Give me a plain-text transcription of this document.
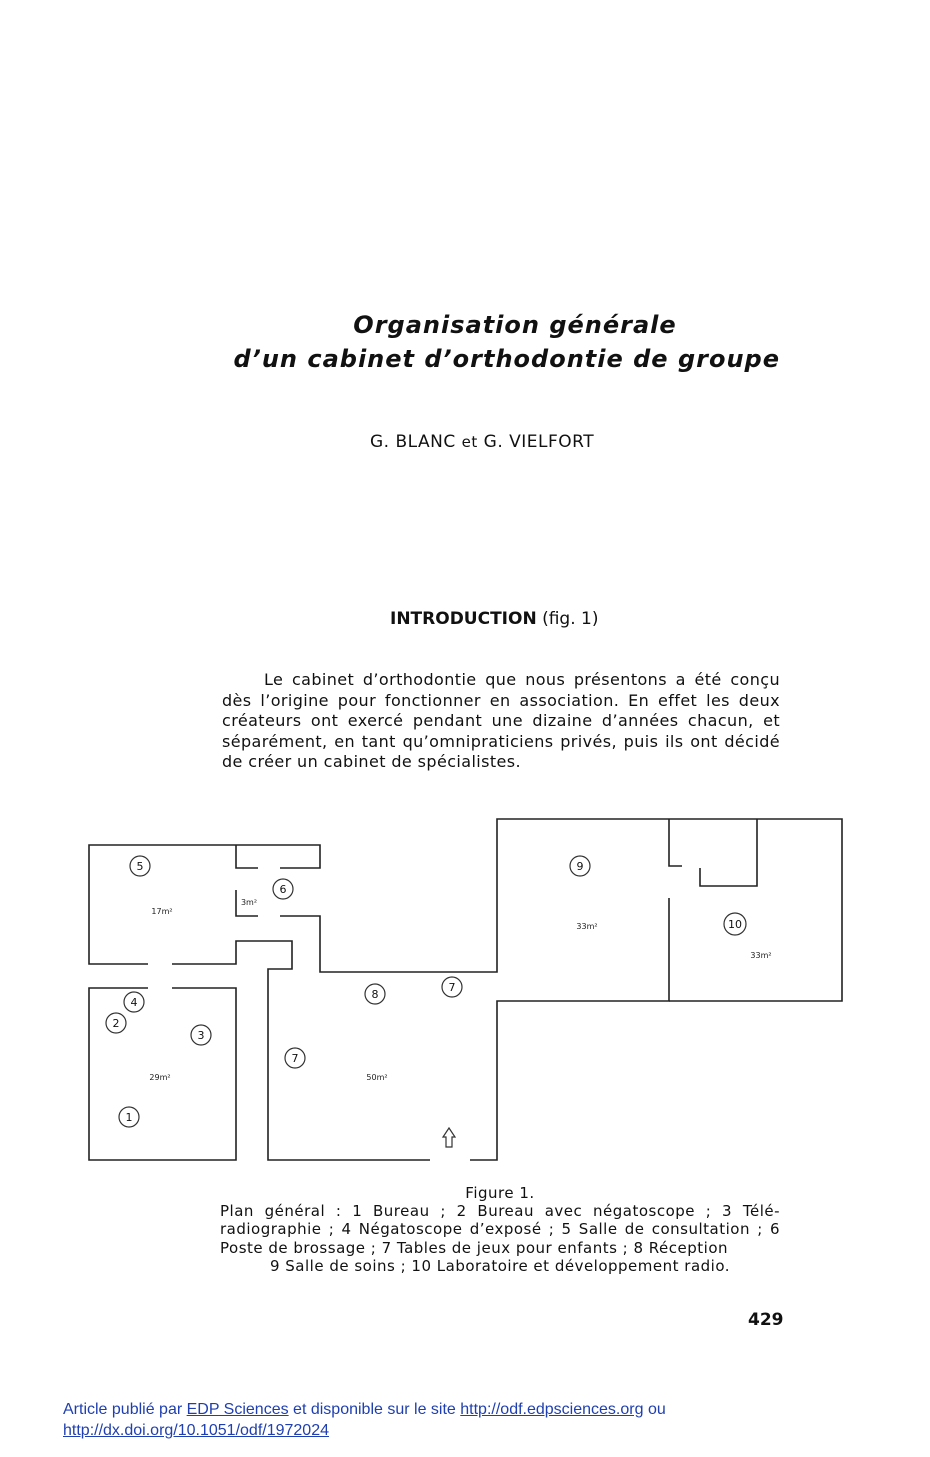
Organisation générale
d’un cabinet d’orthodontie de groupe
G. BLANC et G. VIELFORT
INTRODUCTION (fig. 1)
Le cabinet d’orthodontie que nous présentons a été conçu dès l’origine pour fonctionner en association. En effet les deux créateurs ont exercé pendant une dizaine d’années chacun, et séparément, en tant qu’omnipraticiens privés, puis ils ont décidé de créer un cabinet de spécialistes.
5
6
4
2
3
1
7
8
7
9
10
17m²
3m²
29m²	50m²
33m²
33m²
Figure 1.
Plan général : 1 Bureau ; 2 Bureau avec négatoscope ; 3 Télé-radiographie ; 4 Négatoscope d’exposé ; 5 Salle de consultation ; 6 Poste de brossage ; 7 Tables de jeux pour enfants ; 8 Réception
9 Salle de soins ; 10 Laboratoire et développement radio.
429
Article publié par EDP Sciences et disponible sur le site http://odf.edpsciences.org ou
http://dx.doi.org/10.1051/odf/1972024
